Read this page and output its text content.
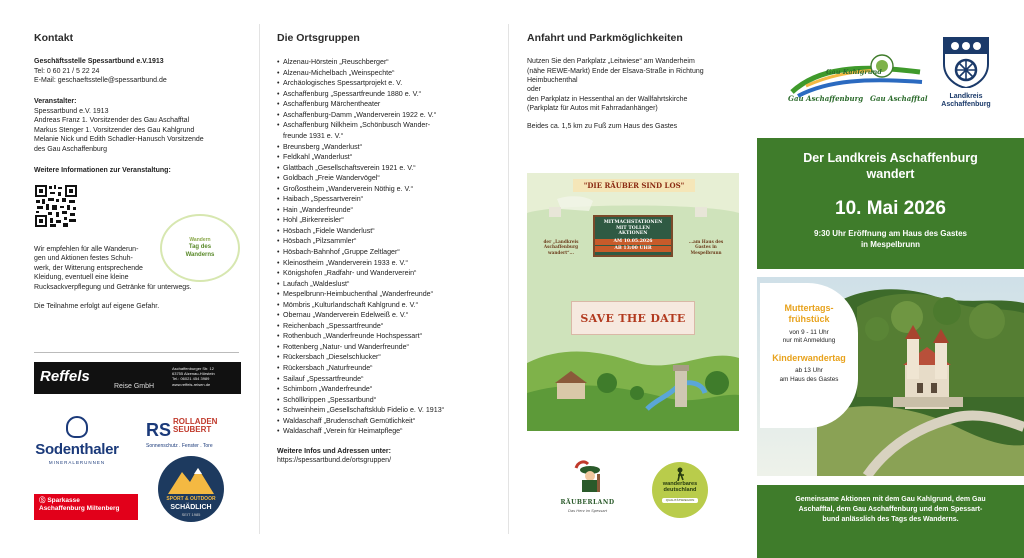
Kontakt

Geschäftsstelle Spessartbund e.V.1913

Tel: 0 60 21 / 5 22 24

E-Mail: geschaeftsstelle@spessartbund.de

Veranstalter:

Spessartbund e.V. 1913

Andreas Franz 1. Vorsitzender des Gau Aschafftal

Markus Stenger 1. Vorsitzender des Gau Kahlgrund

Melanie Nick und Edith Schadler-Hanusch Vorsitzende

des Gau Aschaffenburg

Weitere Informationen zur Veranstaltung:

Wir empfehlen für alle Wanderun-

gen und Aktionen festes Schuh-

werk, der Witterung entsprechende

Kleidung, eventuell eine kleine

Rucksackverpflegung und Getränke für unterwegs.

Die Teilnahme erfolgt auf eigene Gefahr.

Wandern
Tag des
Wanderns
Reffels
Reise GmbH
Aschaffenburger Str. 12
63755 Alzenau-Hörstein
Tel.: 06021 454 3989
www.reffels-reisen.de
Sodenthaler
MINERALBRUNNEN
RS ROLLADEN
SEUBERT
Sonnenschutz . Fenster . Tore
Ⓢ Sparkasse
Aschaffenburg Miltenberg
SPORT & OUTDOOR
SCHÄDLICH
SEIT 1985
Die Ortsgruppen
• Alzenau-Hörstein „Reuschberger“
• Alzenau-Michelbach „Weinspechte“
• Archäologisches Spessartprojekt e. V.
• Aschaffenburg „Spessartfreunde 1880 e. V.“
• Aschaffenburg Märchentheater
• Aschaffenburg-Damm „Wanderverein 1922 e. V.“
• Aschaffenburg Nilkheim „Schönbusch Wander-
freunde 1931 e. V.“
• Breunsberg „Wanderlust“
• Feldkahl „Wanderlust“
• Glattbach „Gesellschaftsverein 1921 e. V.“
• Goldbach „Freie Wandervögel“
• Großostheim „Wanderverein Nöthig e. V.“
• Haibach „Spessartverein“
• Hain „Wanderfreunde“
• Hohl „Birkenreisler“
• Hösbach „Fidele Wanderlust“
• Hösbach „Pilzsammler“
• Hösbach-Bahnhof „Gruppe Zeltlager“
• Kleinostheim „Wanderverein 1933 e. V.“
• Königshofen „Radfahr- und Wanderverein“
• Laufach „Waldeslust“
• Mespelbrunn-Heimbuchenthal „Wanderfreunde“
• Mömbris „Kulturlandschaft Kahlgrund e. V.“
• Obernau „Wanderverein Edelweiß e. V.“
• Reichenbach „Spessartfreunde“
• Rothenbuch „Wanderfreunde Hochspessart“
• Rottenberg „Natur- und Wanderfreunde“
• Rückersbach „Dieselschlucker“
• Rückersbach „Naturfreunde“
• Sailauf „Spessartfreunde“
• Schimborn „Wanderfreunde“
• Schöllkrippen „Spessartbund“
• Schweinheim „Gesellschaftsklub Fidelio e. V. 1913“
• Waldaschaff „Brudenschaft Gemütlichkeit“
• Waldaschaff „Verein für Heimatpflege“

Weitere Infos und Adressen unter:

https://spessartbund.de/ortsgruppen/

Anfahrt und Parkmöglichkeiten

Nutzen Sie den Parkplatz „Leitwiese“ am Wanderheim

(nähe REWE-Markt) Ende der Elsava-Straße in Richtung

Heimbuchenthal

oder

den Parkplatz in Hessenthal an der Wallfahrtskirche

(Parkplatz für Autos mit Fahrradanhänger)

Beides ca. 1,5 km zu Fuß zum Haus des Gastes

"DIE RÄUBER SIND LOS"
MITMACHSTATIONEN
MIT TOLLEN
AKTIONEN
AM 10.05.2026
AB 13:00 UHR
der „Landkreis
Aschaffenburg
wandert“...
...am Haus des
Gastes in
Mespelbrunn
SAVE THE DATE
RÄUBERLAND
Das Herz im Spessart
wanderbares
deutschland
QUALITÄTSREGION
Gau Kahlgrund
Gau Aschaffenburg Gau Aschafftal	Landkreis
Aschaffenburg
Der Landkreis Aschaffenburg
wandert
10. Mai 2026
9:30 Uhr Eröffnung am Haus des Gastes
in Mespelbrunn
Muttertags-
frühstück
von 9 - 11 Uhr
nur mit Anmeldung
Kinderwandertag
ab 13 Uhr
am Haus des Gastes
Gemeinsame Aktionen mit dem Gau Kahlgrund, dem Gau
Aschafftal, dem Gau Aschaffenburg und dem Spessart-
bund anlässlich des Tags des Wanderns.
